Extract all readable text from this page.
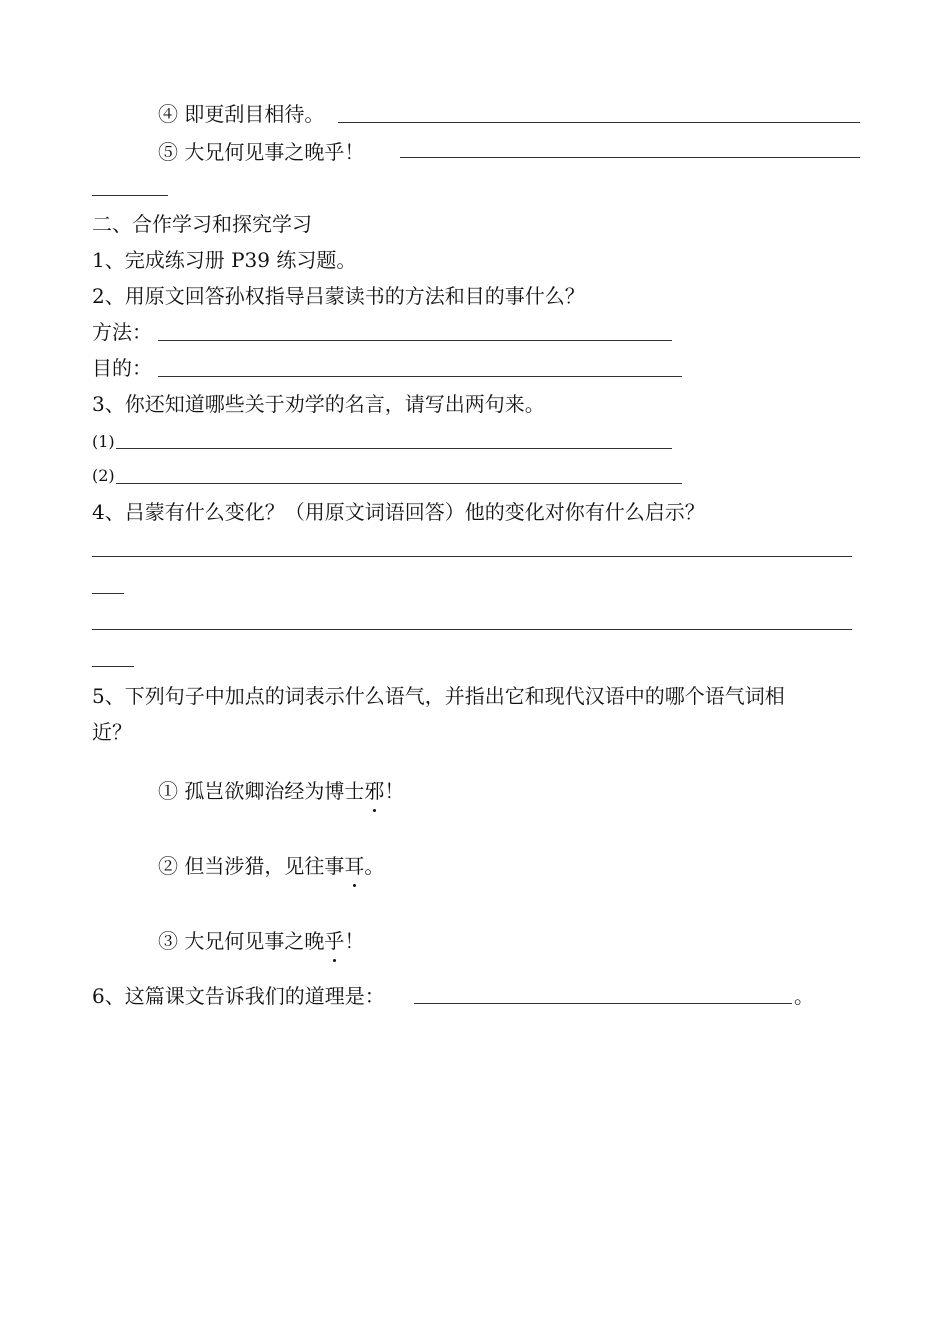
④ 即更刮目相待。
⑤ 大兄何见事之晚乎！
二、合作学习和探究学习
1、完成练习册 P39 练习题。
2、用原文回答孙权指导吕蒙读书的方法和目的事什么？
方法：
目的：
3、你还知道哪些关于劝学的名言，请写出两句来。
(1)
(2)
4、吕蒙有什么变化？（用原文词语回答）他的变化对你有什么启示？
5、下列句子中加点的词表示什么语气，并指出它和现代汉语中的哪个语气词相
近？
① 孤岂欲卿治经为博士邪！
② 但当涉猎，见往事耳。
③ 大兄何见事之晚乎！
6、这篇课文告诉我们的道理是：	。
